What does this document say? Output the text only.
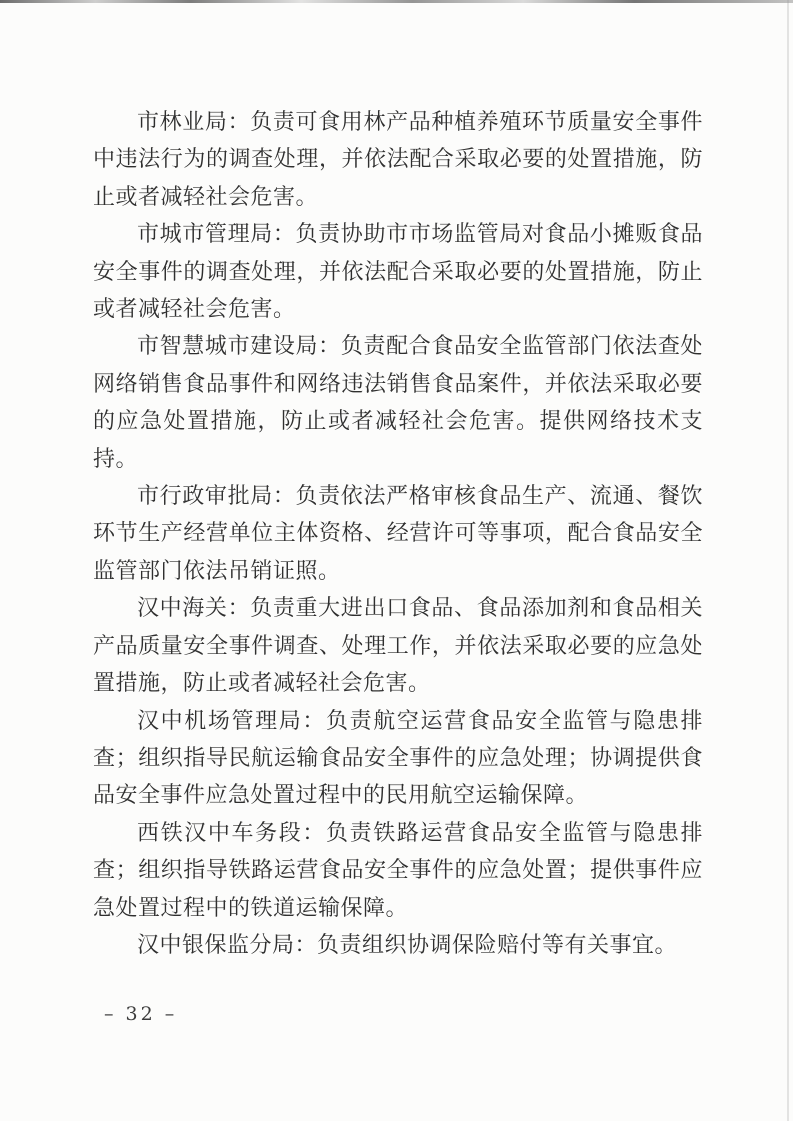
市林业局：负责可食用林产品种植养殖环节质量安全事件中违法行为的调查处理，并依法配合采取必要的处置措施，防止或者减轻社会危害。

市城市管理局：负责协助市市场监管局对食品小摊贩食品安全事件的调查处理，并依法配合采取必要的处置措施，防止或者减轻社会危害。

市智慧城市建设局：负责配合食品安全监管部门依法查处网络销售食品事件和网络违法销售食品案件，并依法采取必要的应急处置措施，防止或者减轻社会危害。提供网络技术支持。

市行政审批局：负责依法严格审核食品生产、流通、餐饮环节生产经营单位主体资格、经营许可等事项，配合食品安全监管部门依法吊销证照。

汉中海关：负责重大进出口食品、食品添加剂和食品相关产品质量安全事件调查、处理工作，并依法采取必要的应急处置措施，防止或者减轻社会危害。

汉中机场管理局：负责航空运营食品安全监管与隐患排查；组织指导民航运输食品安全事件的应急处理；协调提供食品安全事件应急处置过程中的民用航空运输保障。

西铁汉中车务段：负责铁路运营食品安全监管与隐患排查；组织指导铁路运营食品安全事件的应急处置；提供事件应急处置过程中的铁道运输保障。

汉中银保监分局：负责组织协调保险赔付等有关事宜。

– 32 –
